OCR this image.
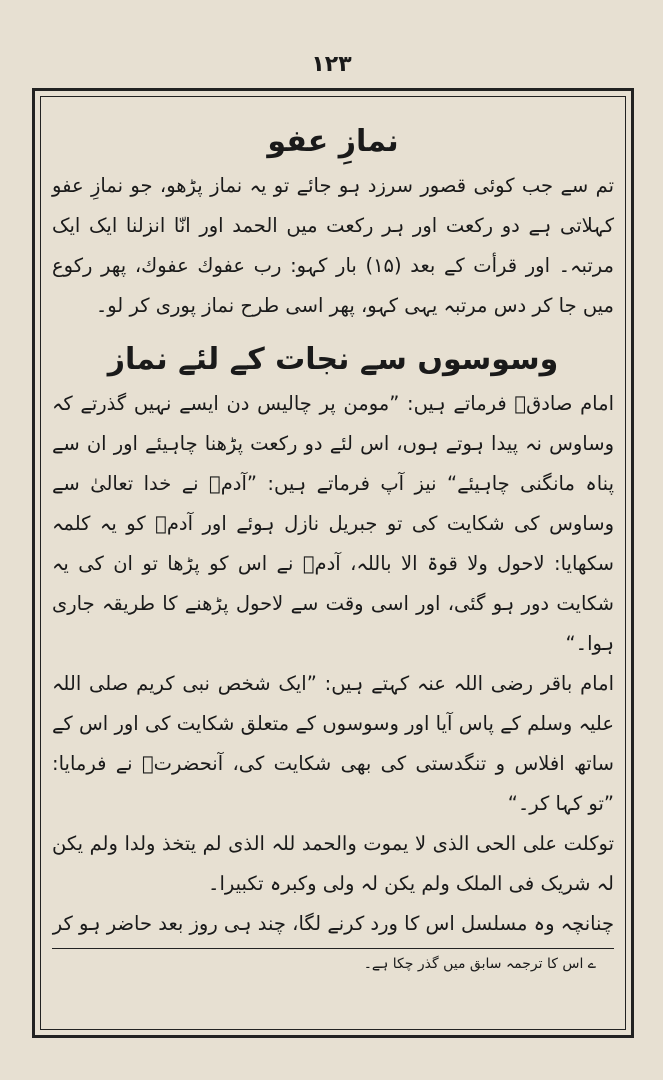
١٢٣
نمازِ عفو

تم سے جب کوئی قصور سرزد ہو جائے تو یہ نماز پڑھو، جو نمازِ عفو کہلاتی ہے دو رکعت اور ہر رکعت میں الحمد اور انّا انزلنا ایک ایک مرتبہ۔ اور قرأت کے بعد (۱۵) بار کہو: رب عفوك عفوك، پھر رکوع میں جا کر دس مرتبہ یہی کہو، پھر اسی طرح نماز پوری کر لو۔

وسوسوں سے نجات کے لئے نماز

امام صادقؑ فرماتے ہیں: ”مومن پر چالیس دن ایسے نہیں گذرتے کہ وساوس نہ پیدا ہوتے ہوں، اس لئے دو رکعت پڑھنا چاہیئے اور ان سے پناہ مانگنی چاہیئے“ نیز آپ فرماتے ہیں: ”آدمؑ نے خدا تعالیٰ سے وساوس کی شکایت کی تو جبریل نازل ہوئے اور آدمؑ کو یہ کلمہ سکھایا: لاحول ولا قوۃ الا باللہ، آدمؑ نے اس کو پڑھا تو ان کی یہ شکایت دور ہو گئی، اور اسی وقت سے لاحول پڑھنے کا طریقہ جاری ہوا۔“

امام باقر رضی اللہ عنہ کہتے ہیں: ”ایک شخص نبی کریم صلی اللہ علیہ وسلم کے پاس آیا اور وسوسوں کے متعلق شکایت کی اور اس کے ساتھ افلاس و تنگدستی کی بھی شکایت کی، آنحضرتؐ نے فرمایا: ”تو کہا کر۔“

توکلت علی الحی الذی لا یموت والحمد للہ الذی لم یتخذ ولدا ولم یکن لہ شریک فی الملک ولم یکن لہ ولی وکبرہ تکبیرا۔

چنانچہ وہ مسلسل اس کا ورد کرنے لگا، چند ہی روز بعد حاضر ہو کر

ے اس کا ترجمہ سابق میں گذر چکا ہے۔
